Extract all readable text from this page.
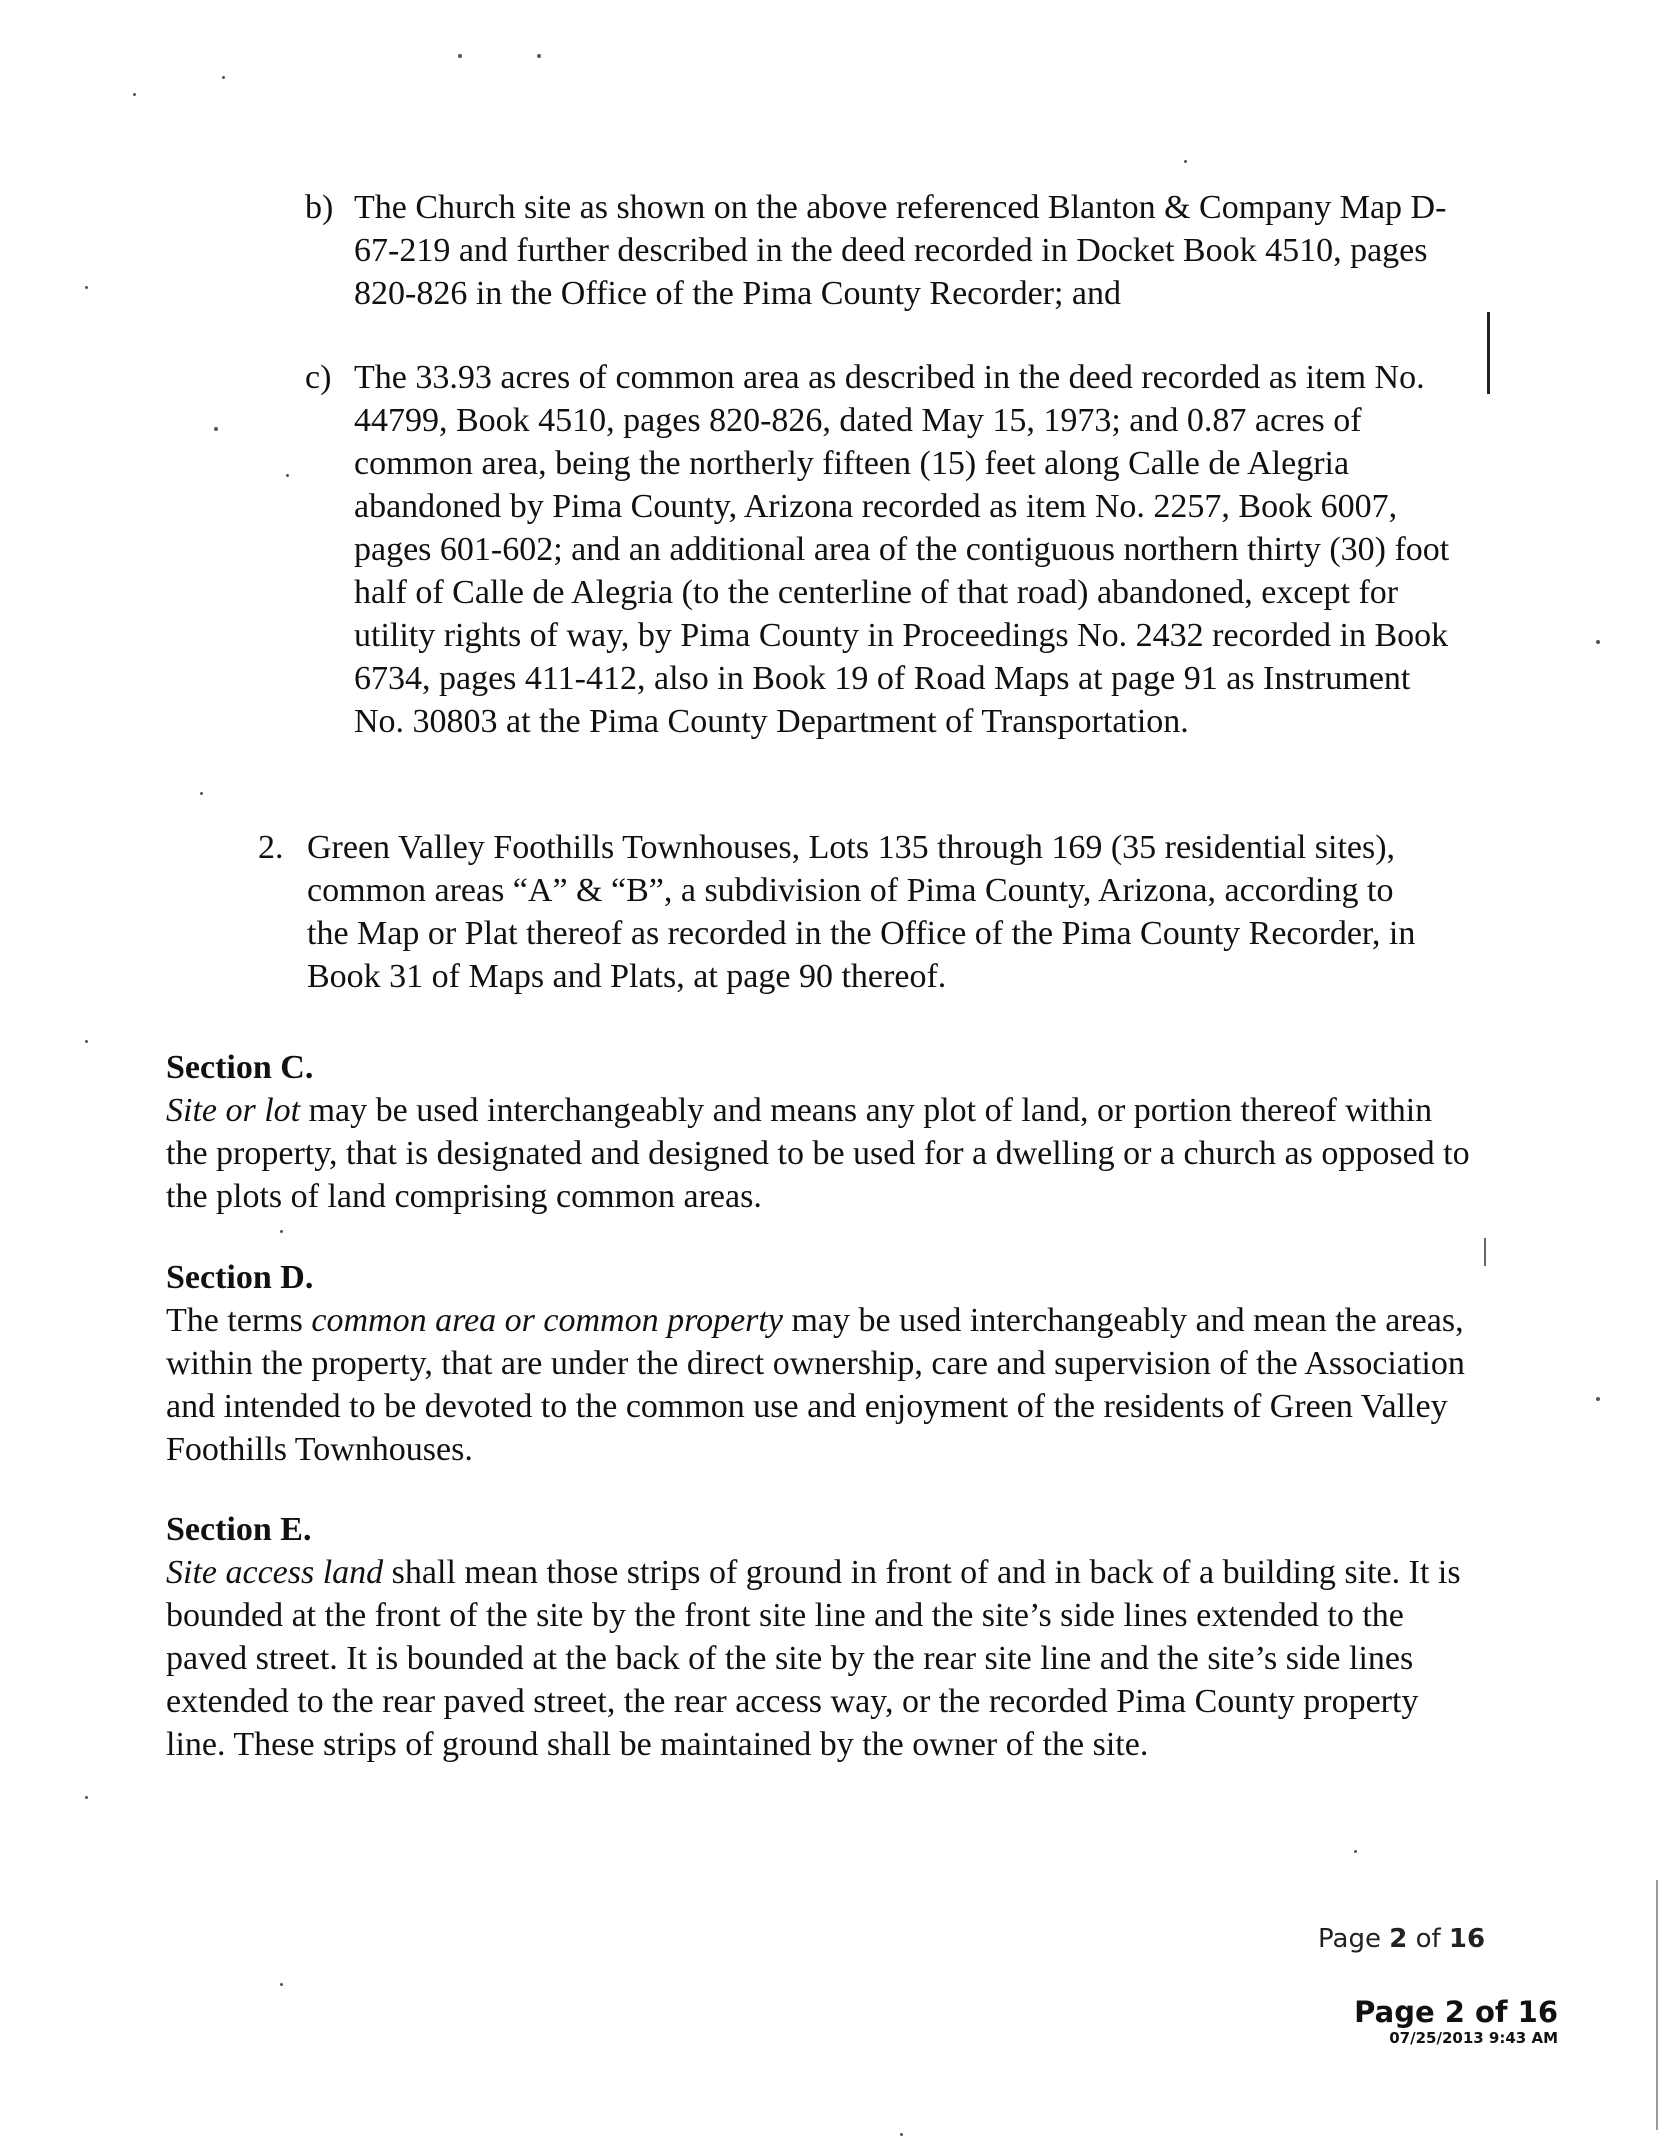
b) The Church site as shown on the above referenced Blanton & Company Map D-67-219 and further described in the deed recorded in Docket Book 4510, pages 820-826 in the Office of the Pima County Recorder; and
c) The 33.93 acres of common area as described in the deed recorded as item No. 44799, Book 4510, pages 820-826, dated May 15, 1973; and 0.87 acres of common area, being the northerly fifteen (15) feet along Calle de Alegria abandoned by Pima County, Arizona recorded as item No. 2257, Book 6007, pages 601-602; and an additional area of the contiguous northern thirty (30) foot half of Calle de Alegria (to the centerline of that road) abandoned, except for utility rights of way, by Pima County in Proceedings No. 2432 recorded in Book 6734, pages 411-412, also in Book 19 of Road Maps at page 91 as Instrument No. 30803 at the Pima County Department of Transportation.
2. Green Valley Foothills Townhouses, Lots 135 through 169 (35 residential sites), common areas “A” & “B”, a subdivision of Pima County, Arizona, according to the Map or Plat thereof as recorded in the Office of the Pima County Recorder, in Book 31 of Maps and Plats, at page 90 thereof.
Section C.
Site or lot may be used interchangeably and means any plot of land, or portion thereof within the property, that is designated and designed to be used for a dwelling or a church as opposed to the plots of land comprising common areas.
Section D.
The terms common area or common property may be used interchangeably and mean the areas, within the property, that are under the direct ownership, care and supervision of the Association and intended to be devoted to the common use and enjoyment of the residents of Green Valley Foothills Townhouses.
Section E.
Site access land shall mean those strips of ground in front of and in back of a building site. It is bounded at the front of the site by the front site line and the site’s side lines extended to the paved street. It is bounded at the back of the site by the rear site line and the site’s side lines extended to the rear paved street, the rear access way, or the recorded Pima County property line. These strips of ground shall be maintained by the owner of the site.
Page 2 of 16
Page 2 of 16
07/25/2013 9:43 AM
